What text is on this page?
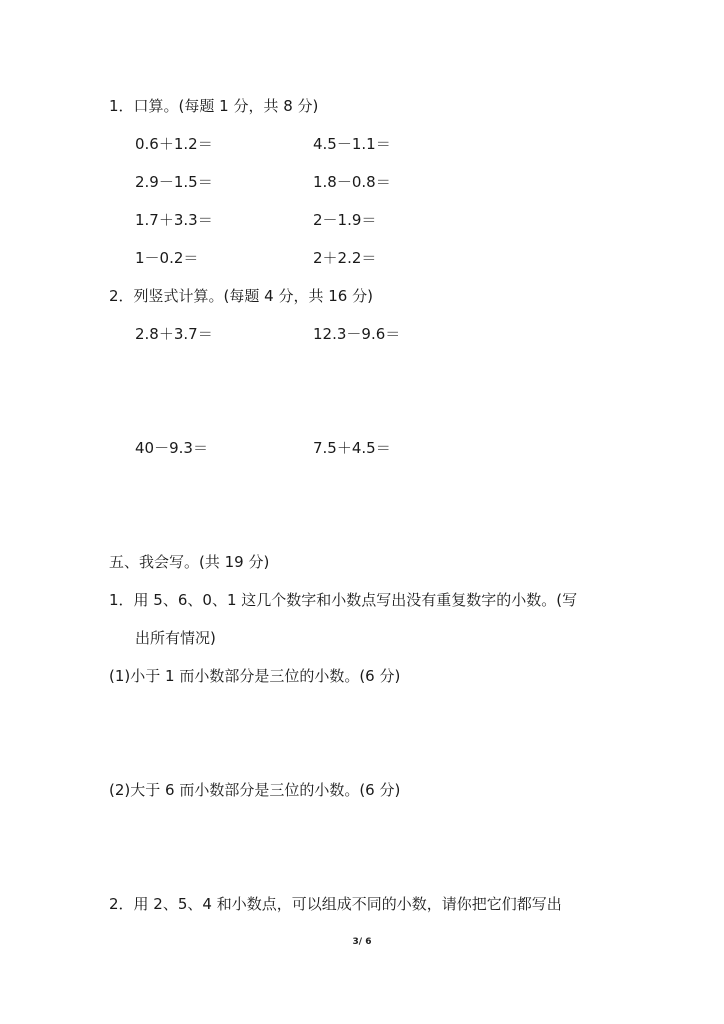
1．口算。(每题 1 分，共 8 分)
0.6＋1.2＝	4.5－1.1＝
2.9－1.5＝	1.8－0.8＝
1.7＋3.3＝	2－1.9＝
1－0.2＝	2＋2.2＝
2．列竖式计算。(每题 4 分，共 16 分)
2.8＋3.7＝	12.3－9.6＝
40－9.3＝	7.5＋4.5＝
五、我会写。(共 19 分)
1．用 5、6、0、1 这几个数字和小数点写出没有重复数字的小数。(写
出所有情况)
(1)小于 1 而小数部分是三位的小数。(6 分)
(2)大于 6 而小数部分是三位的小数。(6 分)
2．用 2、5、4 和小数点，可以组成不同的小数，请你把它们都写出
3/ 6
